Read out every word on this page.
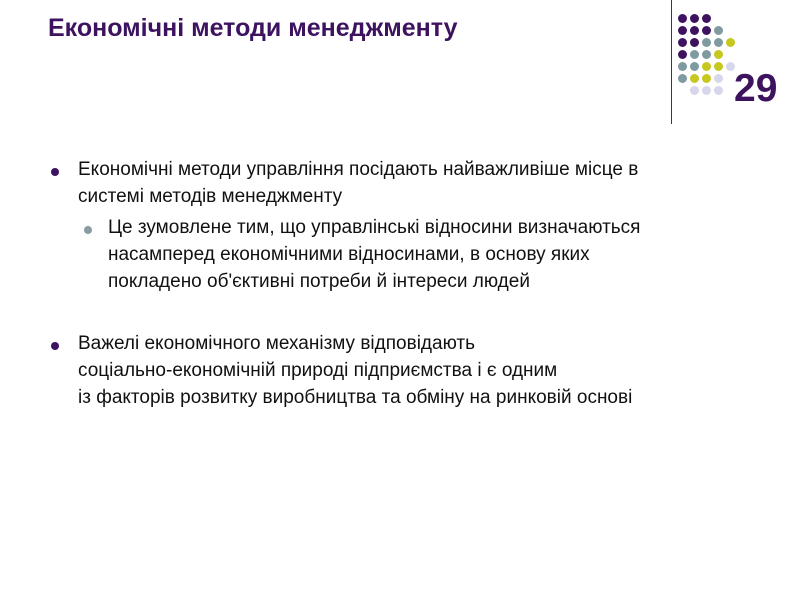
Економічні методи менеджменту
29
Економічні методи управління посідають найважливіше місце в
системі методів менеджменту
Це зумовлене тим, що управлінські відносини визначаються
насамперед економічними відносинами, в основу яких
покладено об'єктивні потреби й інтереси людей
Важелі економічного механізму відповідають
соціально-економічній природі підприємства і є одним
із факторів розвитку виробництва та обміну на ринковій основі
